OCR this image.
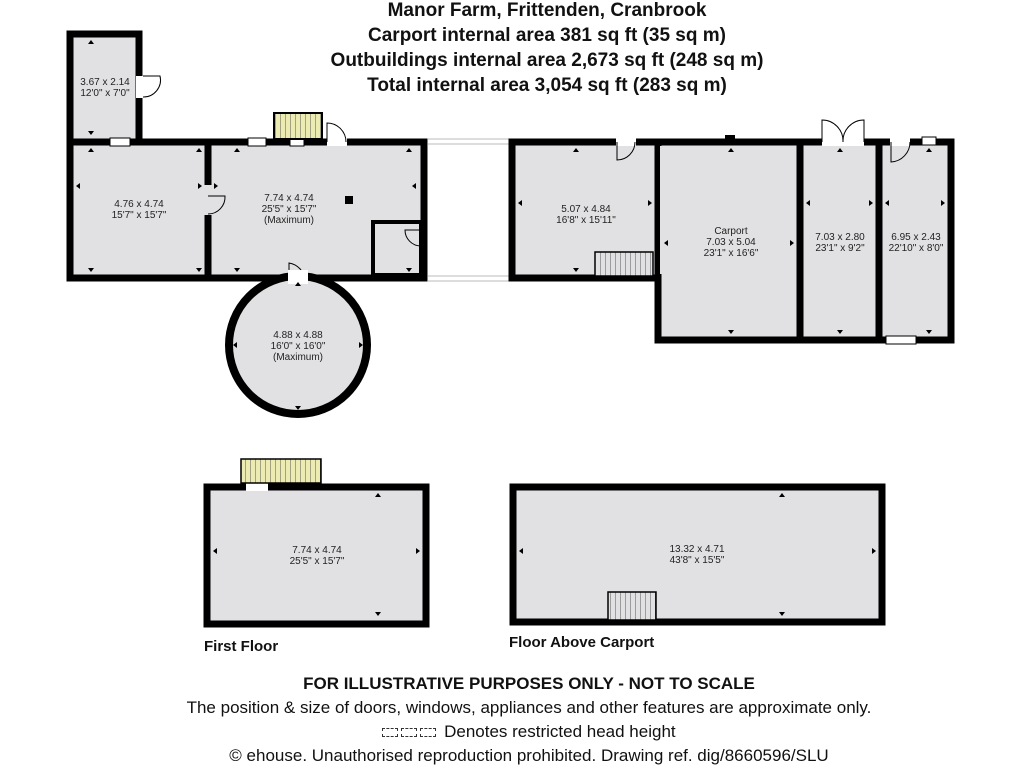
Manor Farm, Frittenden, Cranbrook
Carport internal area 381 sq ft (35 sq m)
Outbuildings internal area 2,673 sq ft (248 sq m)
Total internal area 3,054 sq ft (283 sq m)
3.67 x 2.14
12'0" x 7'0"
4.76 x 4.74
15'7" x 15'7"
7.74 x 4.74
25'5" x 15'7"
(Maximum)
4.88 x 4.88
16'0" x 16'0"
(Maximum)
5.07 x 4.84
16'8" x 15'11"
Carport
7.03 x 5.04
23'1" x 16'6"
7.03 x 2.80
23'1" x 9'2"
6.95 x 2.43
22'10" x 8'0"
7.74 x 4.74
25'5" x 15'7"
13.32 x 4.71
43'8" x 15'5"
First Floor	Floor Above Carport
FOR ILLUSTRATIVE PURPOSES ONLY - NOT TO SCALE
The position & size of doors, windows, appliances and other features are approximate only.
Denotes restricted head height
© ehouse. Unauthorised reproduction prohibited. Drawing ref. dig/8660596/SLU
